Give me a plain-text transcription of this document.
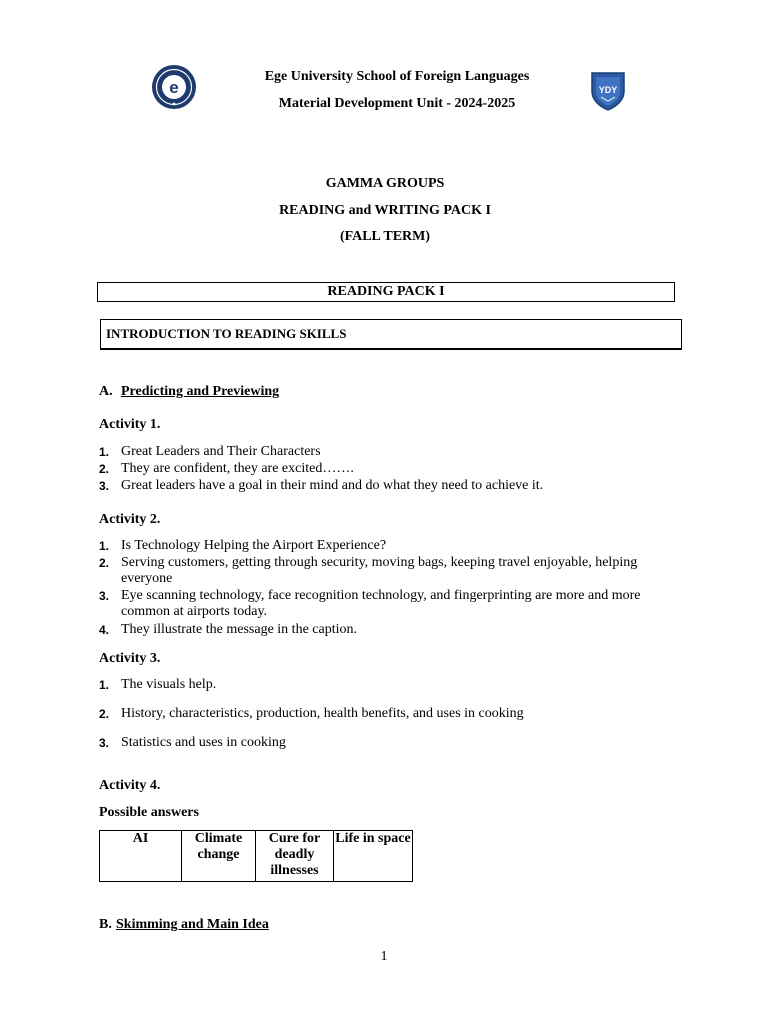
e	YDY
Ege University School of Foreign Languages
Material Development Unit - 2024-2025
GAMMA GROUPS
READING and WRITING PACK I
(FALL TERM)
READING PACK I
INTRODUCTION TO READING SKILLS
A. Predicting and Previewing
Activity 1.
1. Great Leaders and Their Characters
2. They are confident, they are excited…….
3. Great leaders have a goal in their mind and do what they need to achieve it.
Activity 2.
1. Is Technology Helping the Airport Experience?
2. Serving customers, getting through security, moving bags, keeping travel enjoyable, helping everyone
3. Eye scanning technology, face recognition technology, and fingerprinting are more and more common at airports today.
4. They illustrate the message in the caption.
Activity 3.
1. The visuals help.
2. History, characteristics, production, health benefits, and uses in cooking
3. Statistics and uses in cooking
Activity 4.
Possible answers
AI	Climate change	Cure for deadly illnesses	Life in space
B. Skimming and Main Idea
1
